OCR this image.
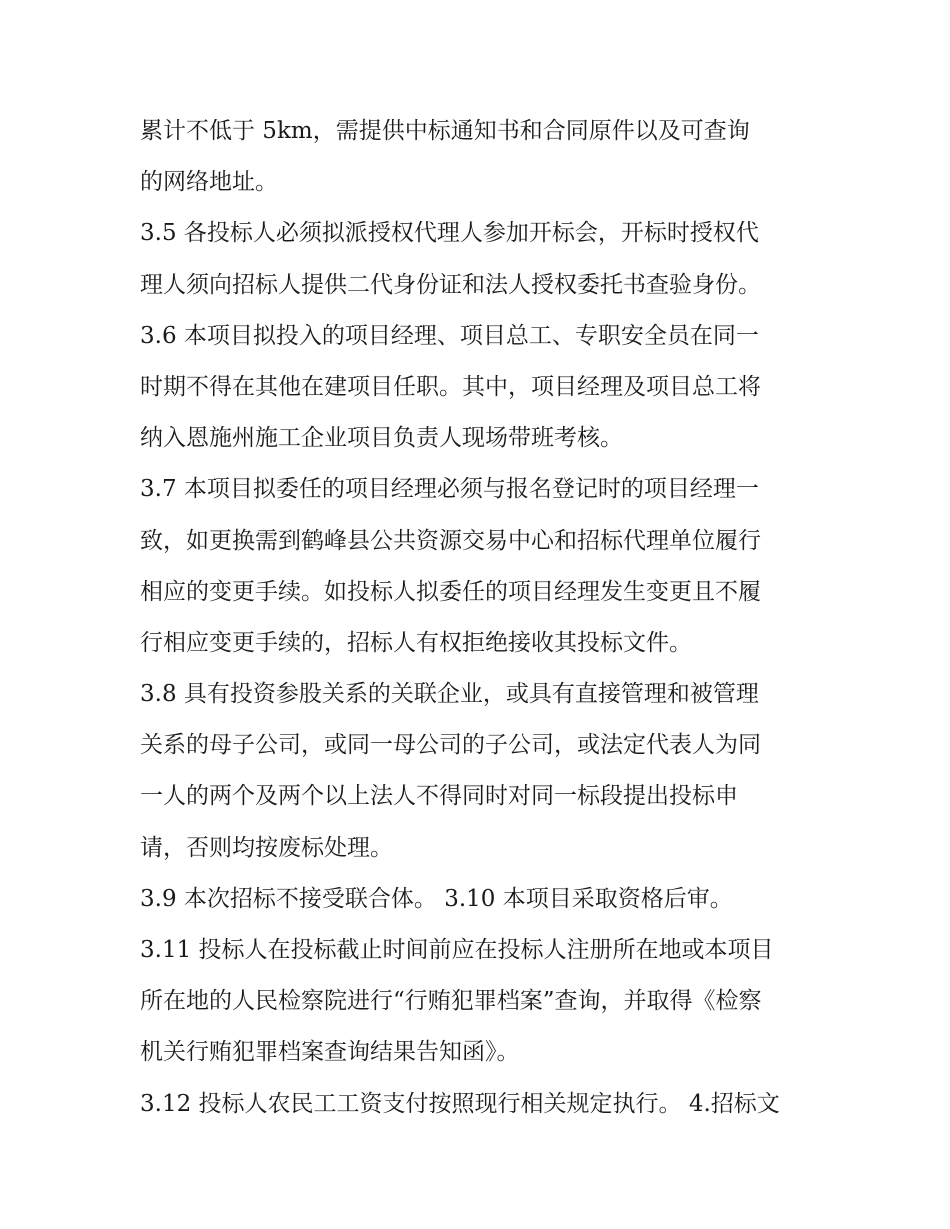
累计不低于 5km，需提供中标通知书和合同原件以及可查询
的网络地址。
3.5 各投标人必须拟派授权代理人参加开标会，开标时授权代
理人须向招标人提供二代身份证和法人授权委托书查验身份。
3.6 本项目拟投入的项目经理、项目总工、专职安全员在同一
时期不得在其他在建项目任职。其中，项目经理及项目总工将
纳入恩施州施工企业项目负责人现场带班考核。
3.7 本项目拟委任的项目经理必须与报名登记时的项目经理一
致，如更换需到鹤峰县公共资源交易中心和招标代理单位履行
相应的变更手续。如投标人拟委任的项目经理发生变更且不履
行相应变更手续的，招标人有权拒绝接收其投标文件。
3.8 具有投资参股关系的关联企业，或具有直接管理和被管理
关系的母子公司，或同一母公司的子公司，或法定代表人为同
一人的两个及两个以上法人不得同时对同一标段提出投标申
请，否则均按废标处理。
3.9 本次招标不接受联合体。 3.10 本项目采取资格后审。
3.11 投标人在投标截止时间前应在投标人注册所在地或本项目
所在地的人民检察院进行“行贿犯罪档案”查询，并取得《检察
机关行贿犯罪档案查询结果告知函》。
3.12 投标人农民工工资支付按照现行相关规定执行。 4.招标文
